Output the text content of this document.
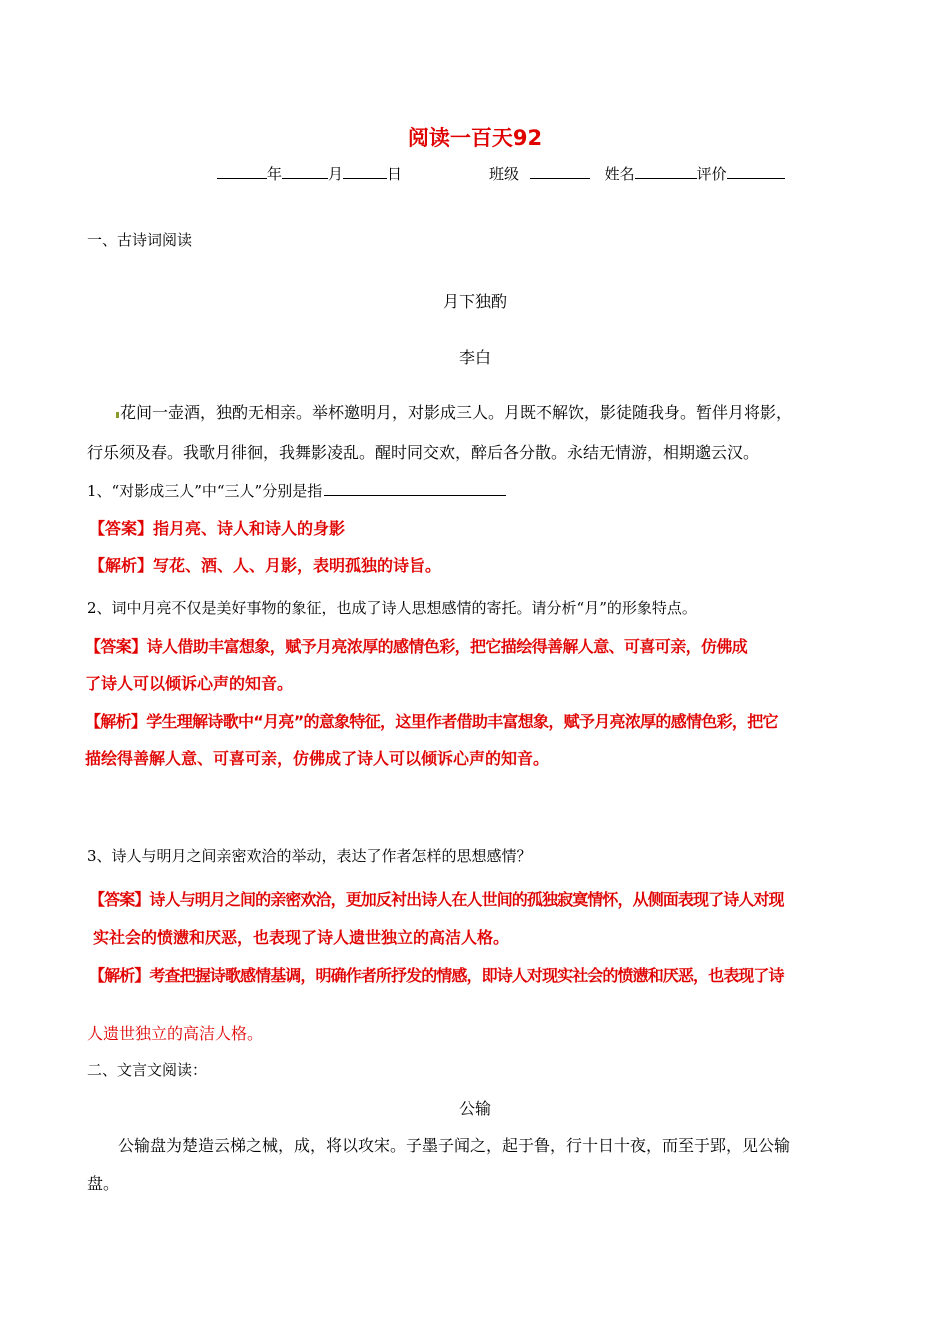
阅读一百天92
年	月	日	班级	姓名	评价
一、古诗词阅读
月下独酌
李白
花间一壶酒，独酌无相亲。举杯邀明月，对影成三人。月既不解饮，影徒随我身。暂伴月将影，
行乐须及春。我歌月徘徊，我舞影凌乱。醒时同交欢，醉后各分散。永结无情游，相期邈云汉。
1、“对影成三人”中“三人”分别是指
【答案】指月亮、诗人和诗人的身影
【解析】写花、酒、人、月影，表明孤独的诗旨。
2、词中月亮不仅是美好事物的象征，也成了诗人思想感情的寄托。请分析“月”的形象特点。
【答案】诗人借助丰富想象，赋予月亮浓厚的感情色彩，把它描绘得善解人意、可喜可亲，仿佛成
了诗人可以倾诉心声的知音。
【解析】学生理解诗歌中“月亮”的意象特征，这里作者借助丰富想象，赋予月亮浓厚的感情色彩，把它
描绘得善解人意、可喜可亲，仿佛成了诗人可以倾诉心声的知音。
3、诗人与明月之间亲密欢洽的举动，表达了作者怎样的思想感情？
【答案】诗人与明月之间的亲密欢洽，更加反衬出诗人在人世间的孤独寂寞情怀，从侧面表现了诗人对现
实社会的愤懑和厌恶，也表现了诗人遗世独立的高洁人格。
【解析】考查把握诗歌感情基调，明确作者所抒发的情感，即诗人对现实社会的愤懑和厌恶，也表现了诗
人遗世独立的高洁人格。
二、文言文阅读：
公输
公输盘为楚造云梯之械，成，将以攻宋。子墨子闻之，起于鲁，行十日十夜，而至于郢，见公输
盘。
